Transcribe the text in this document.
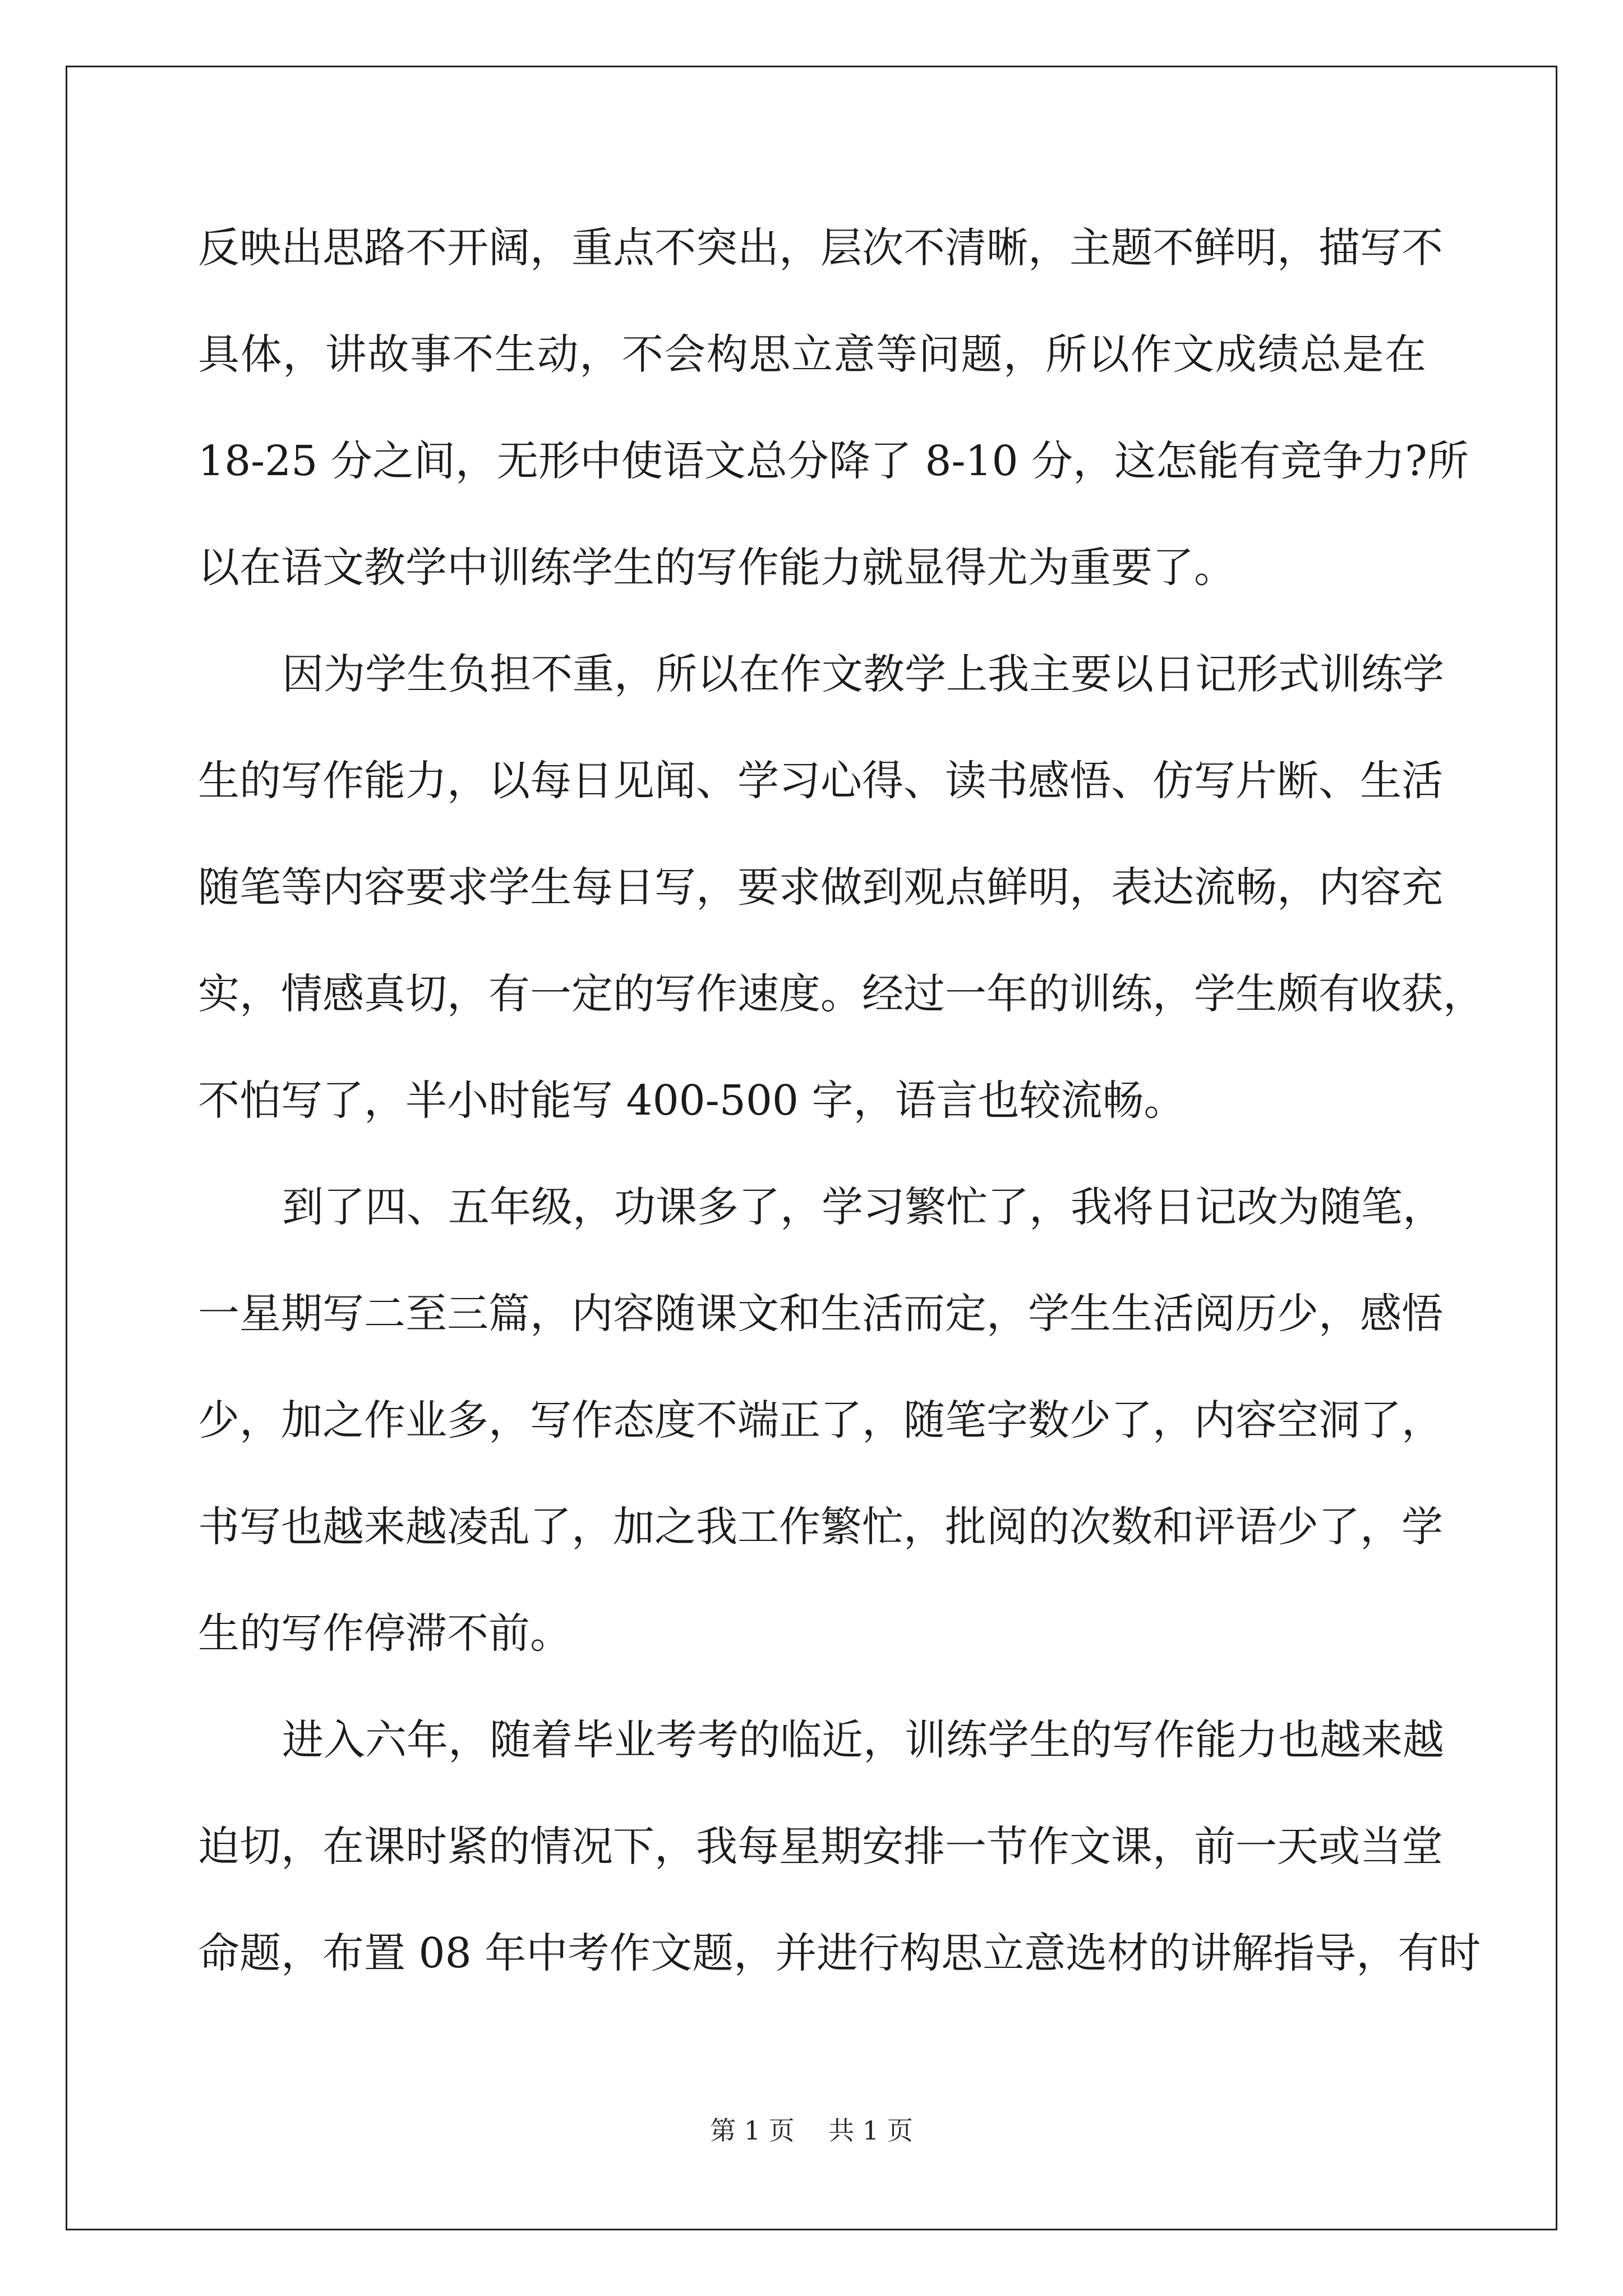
反映出思路不开阔，重点不突出，层次不清晰，主题不鲜明，描写不
具体，讲故事不生动，不会构思立意等问题，所以作文成绩总是在
18-25 分之间，无形中使语文总分降了 8-10 分，这怎能有竞争力?所
以在语文教学中训练学生的写作能力就显得尤为重要了。
因为学生负担不重，所以在作文教学上我主要以日记形式训练学
生的写作能力，以每日见闻、学习心得、读书感悟、仿写片断、生活
随笔等内容要求学生每日写，要求做到观点鲜明，表达流畅，内容充
实，情感真切，有一定的写作速度。经过一年的训练，学生颇有收获，
不怕写了，半小时能写 400-500 字，语言也较流畅。
到了四、五年级，功课多了，学习繁忙了，我将日记改为随笔，
一星期写二至三篇，内容随课文和生活而定，学生生活阅历少，感悟
少，加之作业多，写作态度不端正了，随笔字数少了，内容空洞了，
书写也越来越凌乱了，加之我工作繁忙，批阅的次数和评语少了，学
生的写作停滞不前。
进入六年，随着毕业考考的临近，训练学生的写作能力也越来越
迫切，在课时紧的情况下，我每星期安排一节作文课，前一天或当堂
命题，布置 08 年中考作文题，并进行构思立意选材的讲解指导，有时
第 1 页　 共 1 页
